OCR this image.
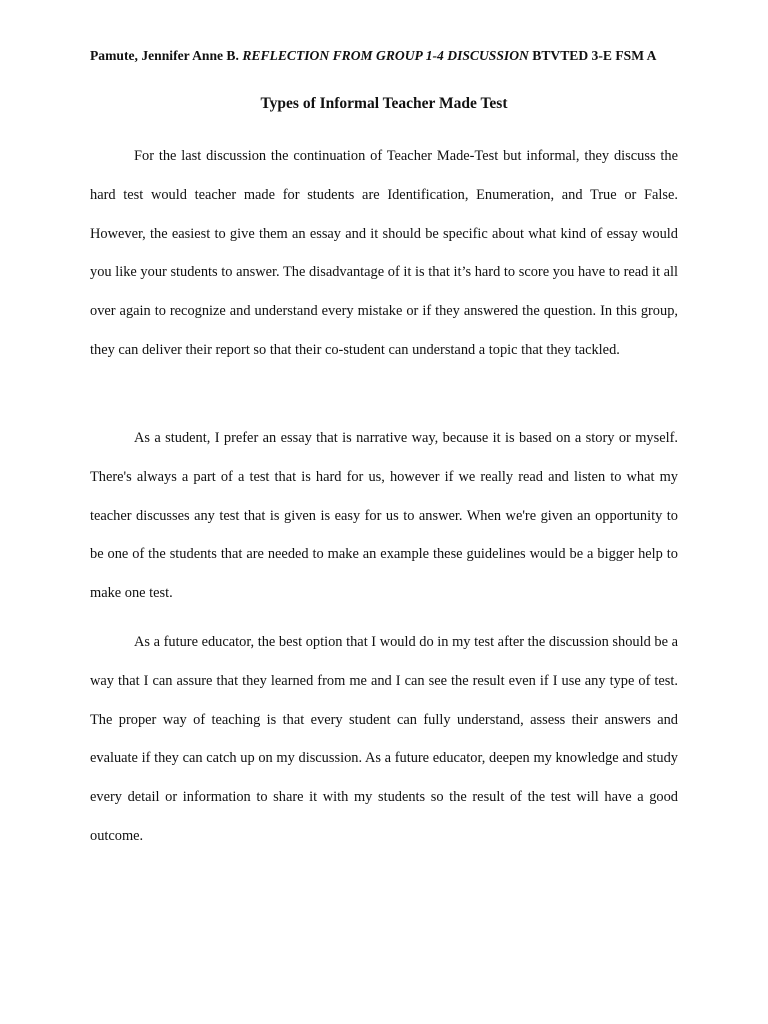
Pamute, Jennifer Anne B. REFLECTION FROM GROUP 1-4 DISCUSSION BTVTED 3-E FSM A
Types of Informal Teacher Made Test

For the last discussion the continuation of Teacher Made-Test but informal, they discuss the hard test would teacher made for students are Identification, Enumeration, and True or False. However, the easiest to give them an essay and it should be specific about what kind of essay would you like your students to answer. The disadvantage of it is that it’s hard to score you have to read it all over again to recognize and understand every mistake or if they answered the question. In this group, they can deliver their report so that their co-student can understand a topic that they tackled.

As a student, I prefer an essay that is narrative way, because it is based on a story or myself. There's always a part of a test that is hard for us, however if we really read and listen to what my teacher discusses any test that is given is easy for us to answer. When we're given an opportunity to be one of the students that are needed to make an example these guidelines would be a bigger help to make one test.

As a future educator, the best option that I would do in my test after the discussion should be a way that I can assure that they learned from me and I can see the result even if I use any type of test. The proper way of teaching is that every student can fully understand, assess their answers and evaluate if they can catch up on my discussion. As a future educator, deepen my knowledge and study every detail or information to share it with my students so the result of the test will have a good outcome.
